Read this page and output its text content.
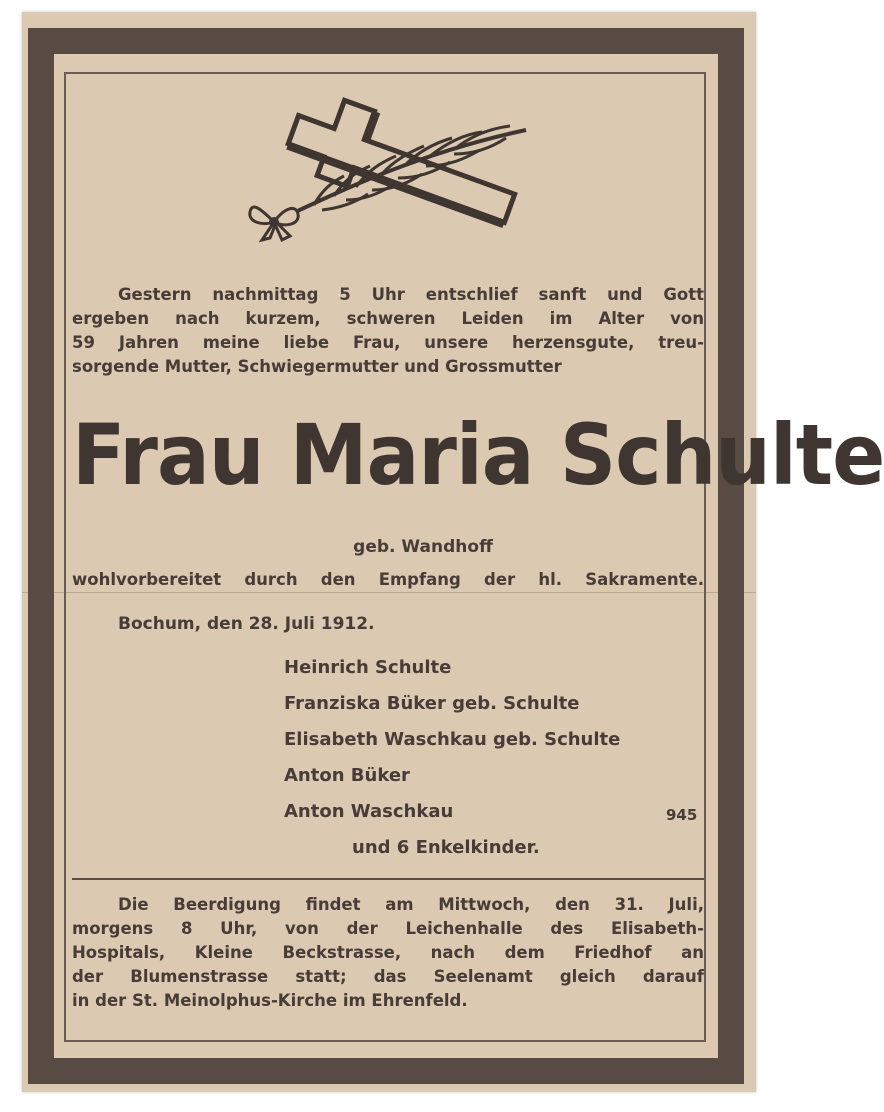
Gestern nachmittag 5 Uhr entschlief sanft und Gott
ergeben nach kurzem, schweren Leiden im Alter von
59 Jahren meine liebe Frau, unsere herzensgute, treu-
sorgende Mutter, Schwiegermutter und Grossmutter
Frau Maria Schulte
geb. Wandhoff
wohlvorbereitet durch den Empfang der hl. Sakramente.
Bochum, den 28. Juli 1912.
Heinrich Schulte
Franziska Büker geb. Schulte
Elisabeth Waschkau geb. Schulte
Anton Büker
Anton Waschkau
und 6 Enkelkinder.
945
Die Beerdigung findet am Mittwoch, den 31. Juli,
morgens 8 Uhr, von der Leichenhalle des Elisabeth-
Hospitals, Kleine Beckstrasse, nach dem Friedhof an
der Blumenstrasse statt; das Seelenamt gleich darauf
in der St. Meinolphus-Kirche im Ehrenfeld.
